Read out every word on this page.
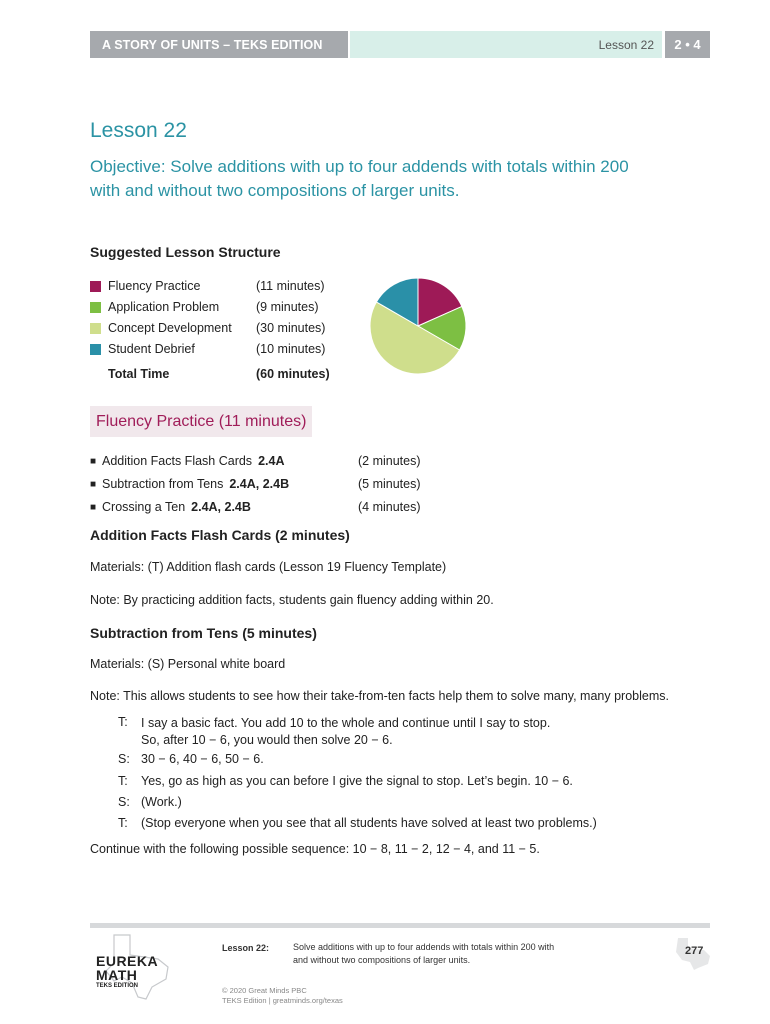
A STORY OF UNITS – TEKS EDITION	Lesson 22 2 • 4
Lesson 22
Objective: Solve additions with up to four addends with totals within 200
with and without two compositions of larger units.
Suggested Lesson Structure
Fluency Practice	(11 minutes)
Application Problem	(9 minutes)
Concept Development	(30 minutes)
Student Debrief	(10 minutes)
Total Time	(60 minutes)
Fluency Practice (11 minutes)
■ Addition Facts Flash Cards 2.4A	(2 minutes)
■ Subtraction from Tens 2.4A, 2.4B	(5 minutes)
■ Crossing a Ten 2.4A, 2.4B	(4 minutes)
Addition Facts Flash Cards (2 minutes)
Materials: (T) Addition flash cards (Lesson 19 Fluency Template)
Note: By practicing addition facts, students gain fluency adding within 20.
Subtraction from Tens (5 minutes)
Materials: (S) Personal white board
Note: This allows students to see how their take-from-ten facts help them to solve many, many problems.
T:	I say a basic fact. You add 10 to the whole and continue until I say to stop.
So, after 10 − 6, you would then solve 20 − 6.
S: 30 − 6, 40 − 6, 50 − 6.
T:	Yes, go as high as you can before I give the signal to stop. Let’s begin. 10 − 6.
S: (Work.)
T:	(Stop everyone when you see that all students have solved at least two problems.)
Continue with the following possible sequence: 10 − 8, 11 − 2, 12 − 4, and 11 − 5.
EUREKA
MATH
TEKS EDITION
Lesson 22:	Solve additions with up to four addends with totals within 200 with
and without two compositions of larger units.
© 2020 Great Minds PBC
TEKS Edition | greatminds.org/texas
277
